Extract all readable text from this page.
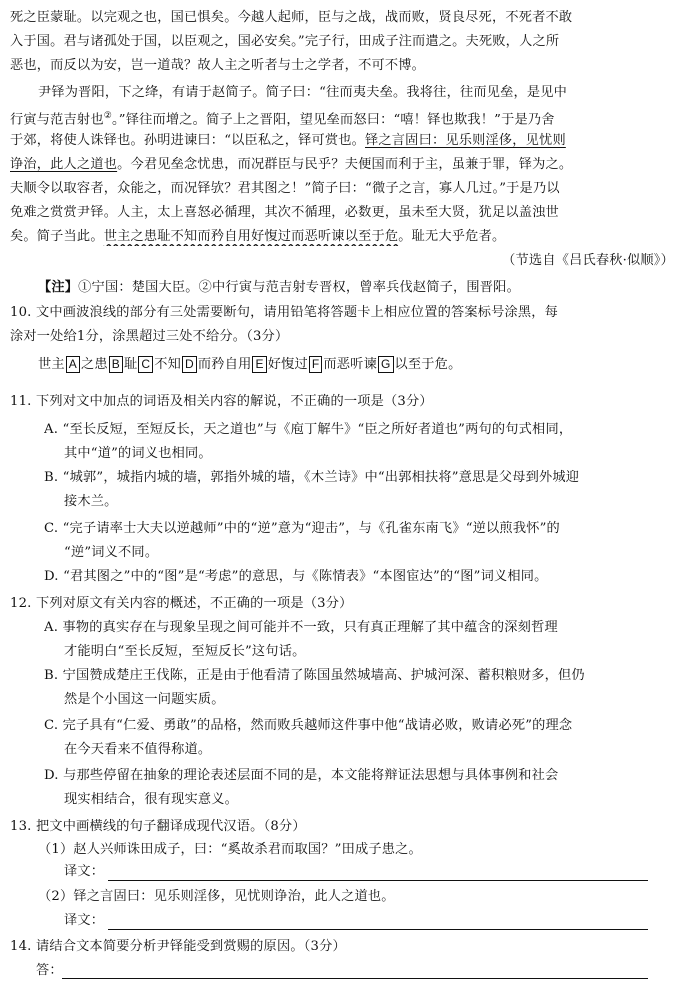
死之臣蒙耻。以完观之也，国已惧矣。今越人起师，臣与之战，战而败，贤良尽死，不死者不敢
入于国。君与诸孤处于国，以臣观之，国必安矣。”完子行，田成子注而遣之。夫死败，人之所
恶也，而反以为安，岂一道哉？故人主之听者与士之学者，不可不博。
尹铎为晋阳，下之绛，有请于赵简子。简子曰：“往而夷夫垒。我将往，往而见垒，是见中
行寅与范吉射也②。”铎往而增之。简子上之晋阳，望见垒而怒曰：“嘻！铎也欺我！”于是乃舍
于郊，将使人诛铎也。孙明进谏曰：“以臣私之，铎可赏也。铎之言固曰：见乐则淫侈，见忧则
诤治，此人之道也。今君见垒念忧患，而况群臣与民乎？夫便国而利于主，虽兼于罪，铎为之。
夫顺令以取容者，众能之，而况铎欤？君其图之！”简子曰：“微子之言，寡人几过。”于是乃以
免难之赏赏尹铎。人主，太上喜怒必循理，其次不循理，必数更，虽未至大贤，犹足以盖浊世
矣。简子当此。世主之患耻不知而矜自用好愎过而恶听谏以至于危。耻无大乎危者。
（节选自《吕氏春秋·似顺》）
【注】①宁国：楚国大臣。②中行寅与范吉射专晋权，曾率兵伐赵简子，围晋阳。
10. 文中画波浪线的部分有三处需要断句，请用铅笔将答题卡上相应位置的答案标号涂黑，每
涂对一处给1分，涂黑超过三处不给分。（3分）
世主 A 之患 B 耻 C 不知 D 而矜自用 E 好愎过 F 而恶听谏 G 以至于危。
11. 下列对文中加点的词语及相关内容的解说，不正确的一项是（3分）
A. “至长反短，至短反长，天之道也”与《庖丁解牛》“臣之所好者道也”两句的句式相同，
其中“道”的词义也相同。
B. “城郭”，城指内城的墙，郭指外城的墙，《木兰诗》中“出郭相扶将”意思是父母到外城迎
接木兰。
C. “完子请率士大夫以逆越师”中的“逆”意为“迎击”，与《孔雀东南飞》“逆以煎我怀”的
“逆”词义不同。
D. “君其图之”中的“图”是“考虑”的意思，与《陈情表》“本图宦达”的“图”词义相同。
12. 下列对原文有关内容的概述，不正确的一项是（3分）
A. 事物的真实存在与现象呈现之间可能并不一致，只有真正理解了其中蕴含的深刻哲理
才能明白“至长反短，至短反长”这句话。
B. 宁国赞成楚庄王伐陈，正是由于他看清了陈国虽然城墙高、护城河深、蓄积粮财多，但仍
然是个小国这一问题实质。
C. 完子具有“仁爱、勇敢”的品格，然而败兵越师这件事中他“战请必败，败请必死”的理念
在今天看来不值得称道。
D. 与那些停留在抽象的理论表述层面不同的是，本文能将辩证法思想与具体事例和社会
现实相结合，很有现实意义。
13. 把文中画横线的句子翻译成现代汉语。（8分）
（1）赵人兴师诛田成子，曰：“奚故杀君而取国？”田成子患之。
译文：
（2）铎之言固曰：见乐则淫侈，见忧则诤治，此人之道也。
译文：
14. 请结合文本简要分析尹铎能受到赏赐的原因。（3分）
答：
